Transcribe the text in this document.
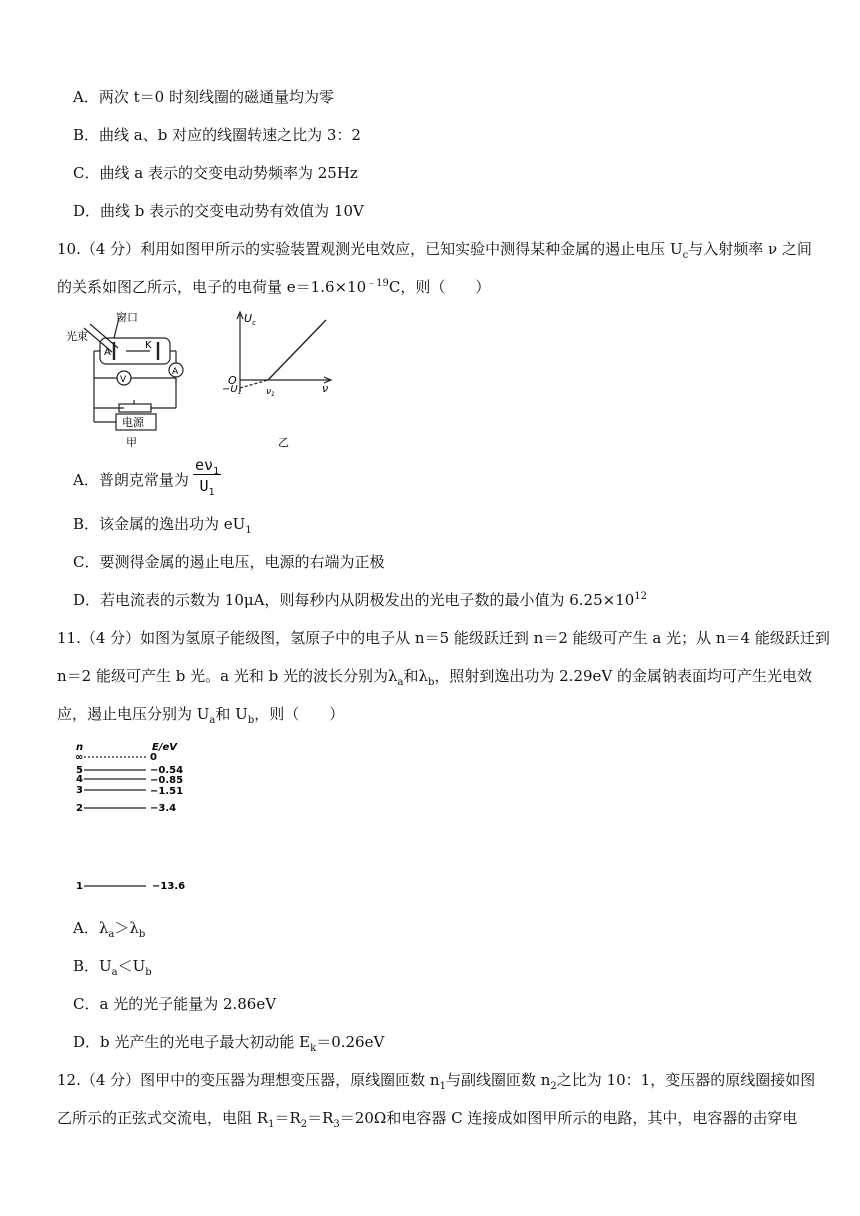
A．两次 t＝0 时刻线圈的磁通量均为零
B．曲线 a、b 对应的线圈转速之比为 3：2
C．曲线 a 表示的交变电动势频率为 25Hz
D．曲线 b 表示的交变电动势有效值为 10V
10.（4 分）利用如图甲所示的实验装置观测光电效应，已知实验中测得某种金属的遏止电压 $U_c$与入射频率 ν 之间
的关系如图乙所示，电子的电荷量 $e=1.6\times 10^{﹣19}C$，则（　　）
窗口
光束
A
K
V
A
电源
甲
$U_c$
O
ν
$\nu_1$
$-U_1$
乙
A．普朗克常量为 $\frac{e\nu_1}{U_1}$
B．该金属的逸出功为 $eU_1$
C．要测得金属的遏止电压，电源的右端为正极
D．若电流表的示数为 10μA，则每秒内从阴极发出的光电子数的最小值为 $6.25\times 10^{12}$
11.（4 分）如图为氢原子能级图，氢原子中的电子从 n＝5 能级跃迁到 n＝2 能级可产生 a 光；从 n＝4 能级跃迁到
n＝2 能级可产生 b 光。a 光和 b 光的波长分别为$\lambda_a$和$\lambda_b$，照射到逸出功为 2.29eV 的金属钠表面均可产生光电效
应，遏止电压分别为 $U_a$和 $U_b$，则（　　）
n	E/eV
∞	0
5	−0.54
4	−0.85
3	−1.51
2	−3.4
1	−13.6
A．$\lambda_a>\lambda_b$
B．$U_a<U_b$
C．a 光的光子能量为 2.86eV
D．b 光产生的光电子最大初动能 $E_k=0.26eV$
12.（4 分）图甲中的变压器为理想变压器，原线圈匝数 $n_1$与副线圈匝数 $n_2$之比为 10：1，变压器的原线圈接如图
乙所示的正弦式交流电，电阻 $R_1=R_2=R_3=20\Omega$和电容器 C 连接成如图甲所示的电路，其中，电容器的击穿电
